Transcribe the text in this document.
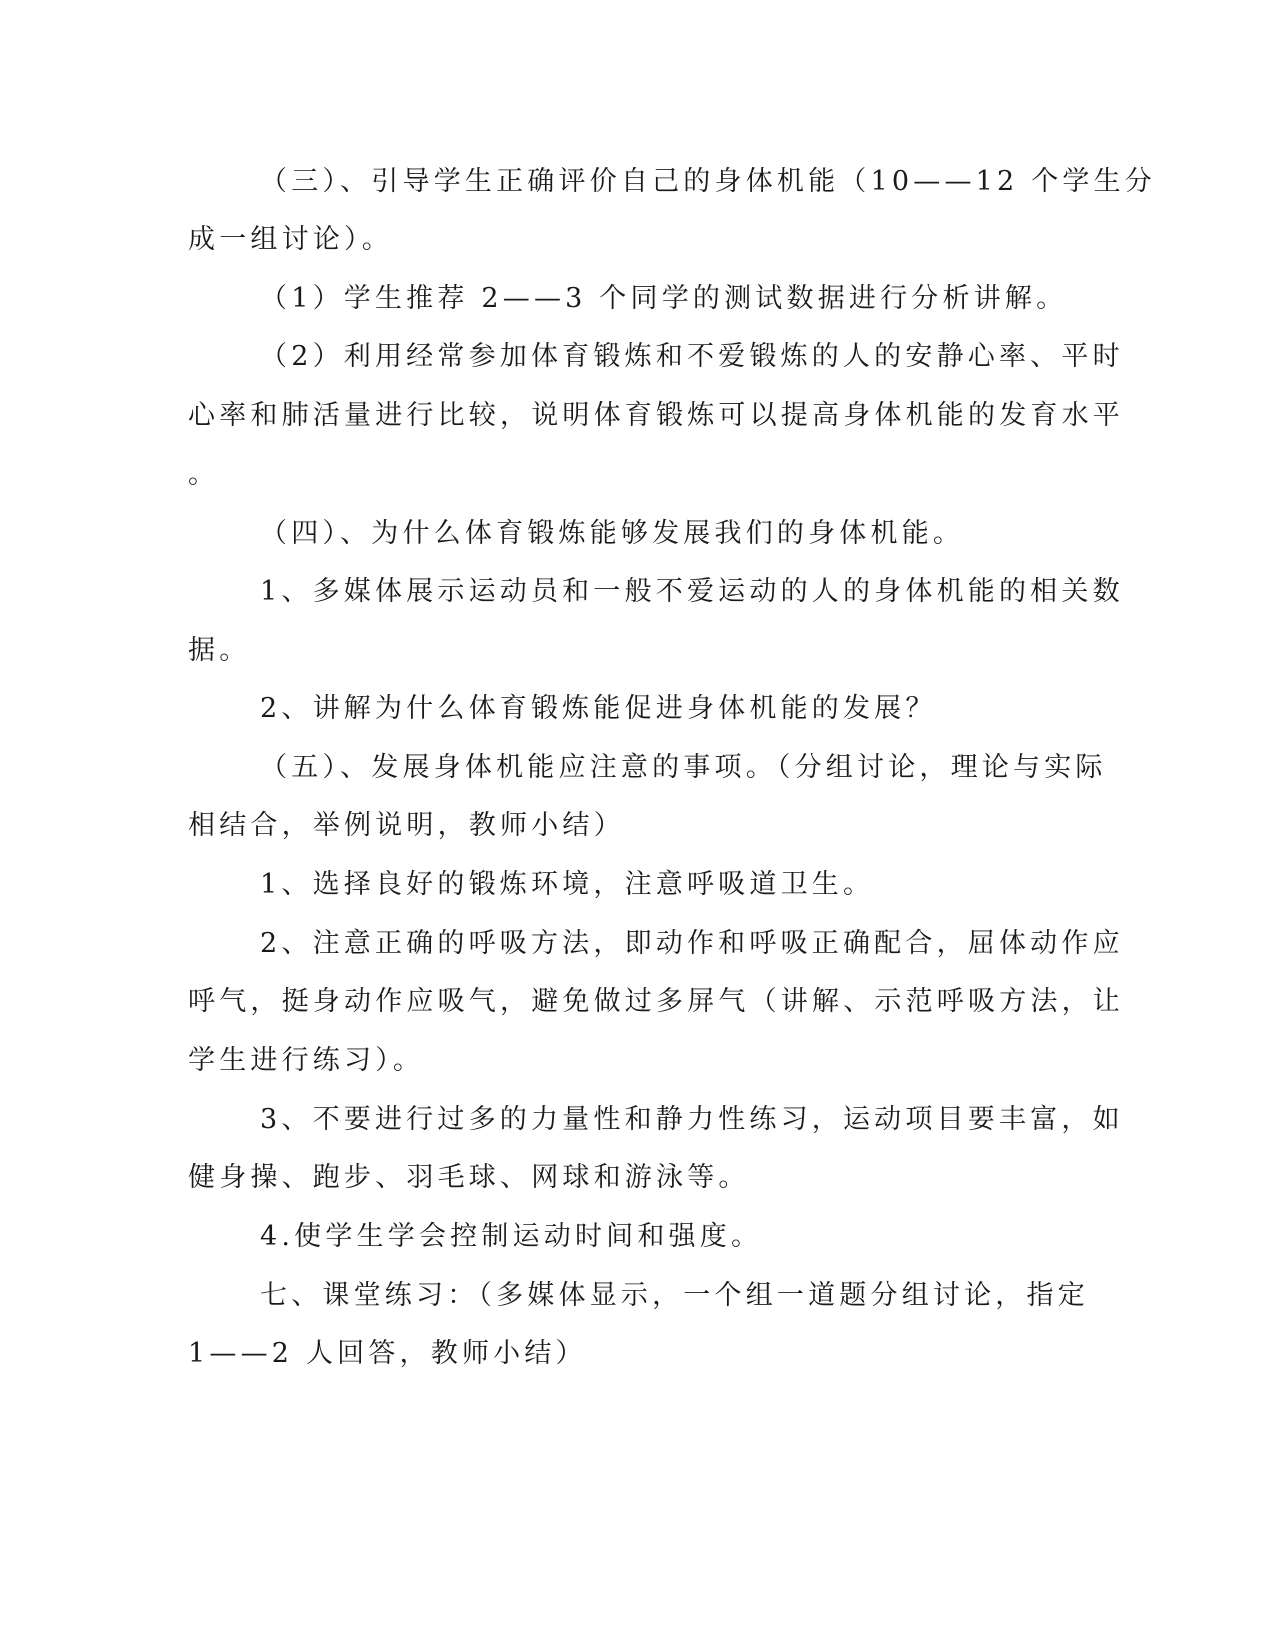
（三）、引导学生正确评价自己的身体机能（10——12 个学生分
成一组讨论）。
（1）学生推荐 2——3 个同学的测试数据进行分析讲解。
（2）利用经常参加体育锻炼和不爱锻炼的人的安静心率、平时
心率和肺活量进行比较，说明体育锻炼可以提高身体机能的发育水平
。
（四）、为什么体育锻炼能够发展我们的身体机能。
1、多媒体展示运动员和一般不爱运动的人的身体机能的相关数
据。
2、讲解为什么体育锻炼能促进身体机能的发展？
（五）、发展身体机能应注意的事项。（分组讨论，理论与实际
相结合，举例说明，教师小结）
1、选择良好的锻炼环境，注意呼吸道卫生。
2、注意正确的呼吸方法，即动作和呼吸正确配合，屈体动作应
呼气，挺身动作应吸气，避免做过多屏气（讲解、示范呼吸方法，让
学生进行练习）。
3、不要进行过多的力量性和静力性练习，运动项目要丰富，如
健身操、跑步、羽毛球、网球和游泳等。
4.使学生学会控制运动时间和强度。
七、课堂练习：（多媒体显示，一个组一道题分组讨论，指定
1——2 人回答，教师小结）
